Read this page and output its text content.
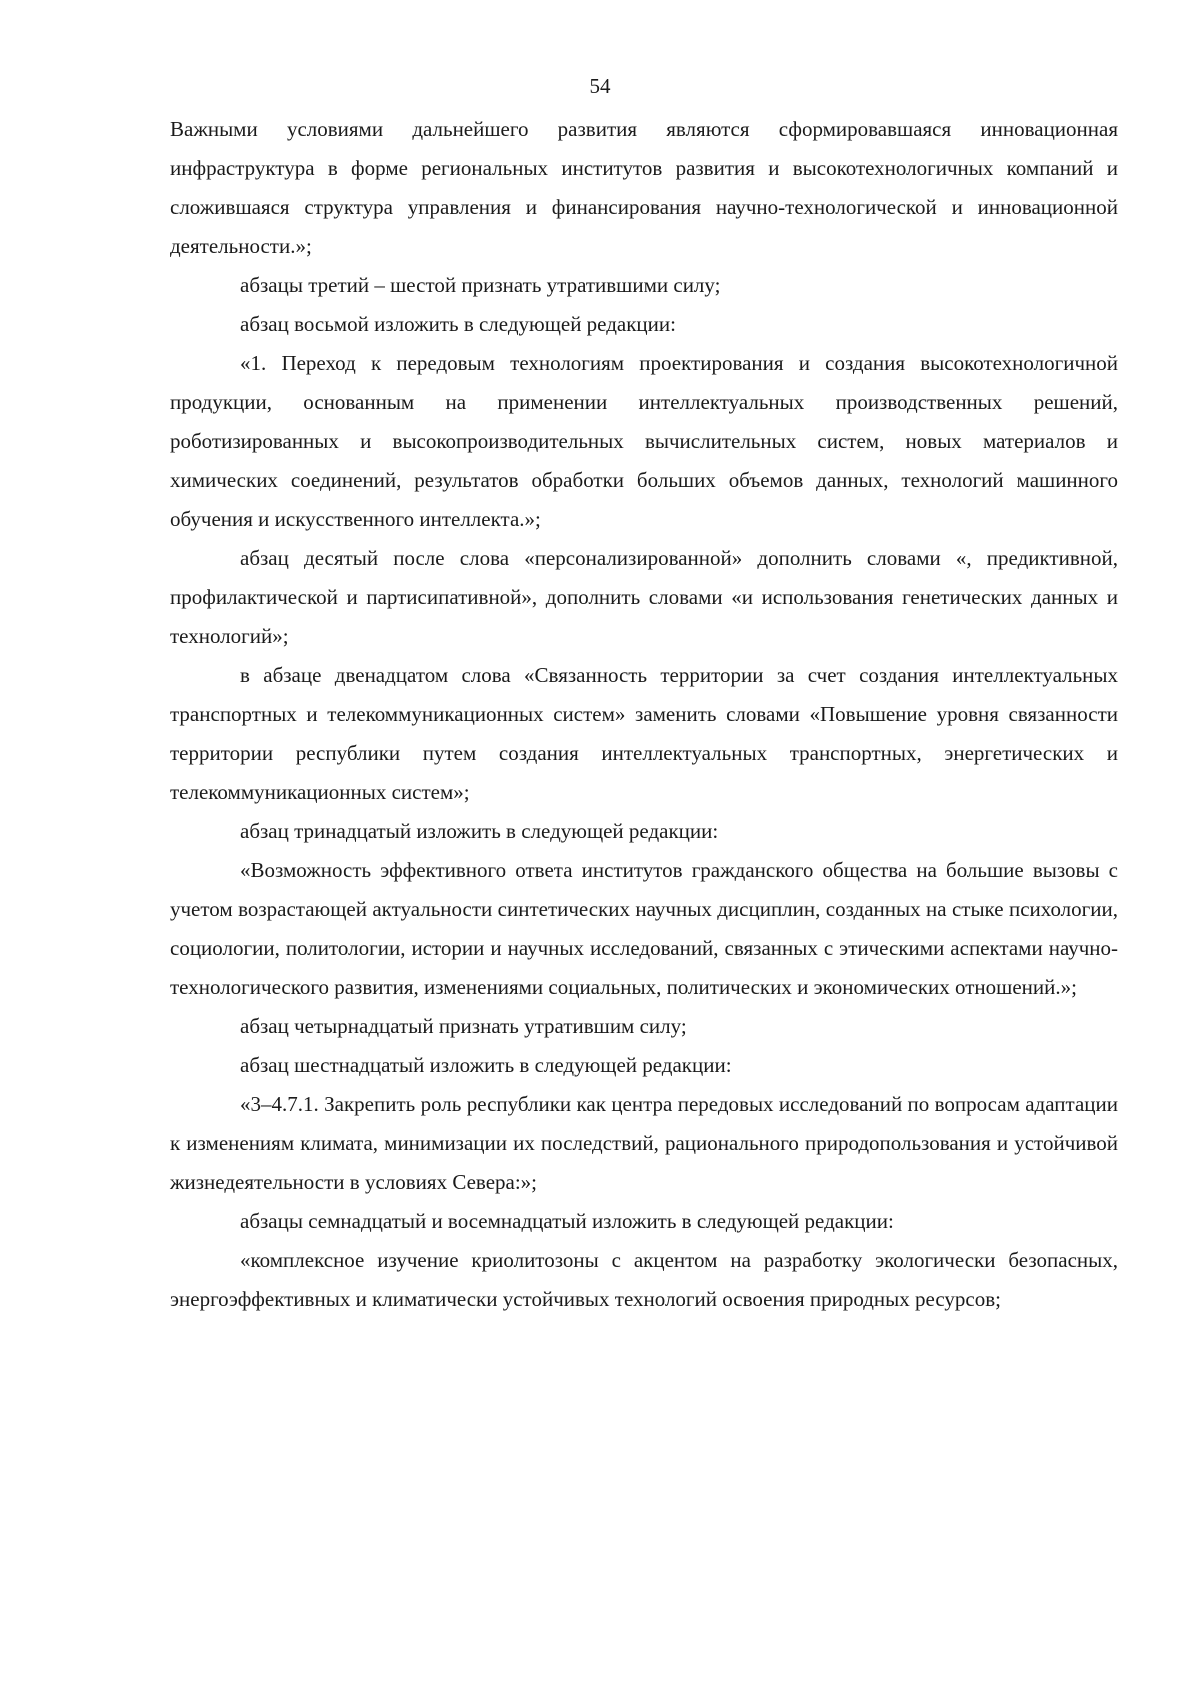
54

Важными условиями дальнейшего развития являются сформировавшаяся инновационная инфраструктура в форме региональных институтов развития и высокотехнологичных компаний и сложившаяся структура управления и финансирования научно-технологической и инновационной деятельности.»;

абзацы третий – шестой признать утратившими силу;

абзац восьмой изложить в следующей редакции:

«1. Переход к передовым технологиям проектирования и создания высокотехнологичной продукции, основанным на применении интеллектуальных производственных решений, роботизированных и высокопроизводительных вычислительных систем, новых материалов и химических соединений, результатов обработки больших объемов данных, технологий машинного обучения и искусственного интеллекта.»;

абзац десятый после слова «персонализированной» дополнить словами «, предиктивной, профилактической и партисипативной», дополнить словами «и использования генетических данных и технологий»;

в абзаце двенадцатом слова «Связанность территории за счет создания интеллектуальных транспортных и телекоммуникационных систем» заменить словами «Повышение уровня связанности территории республики путем создания интеллектуальных транспортных, энергетических и телекоммуникационных систем»;

абзац тринадцатый изложить в следующей редакции:

«Возможность эффективного ответа институтов гражданского общества на большие вызовы с учетом возрастающей актуальности синтетических научных дисциплин, созданных на стыке психологии, социологии, политологии, истории и научных исследований, связанных с этическими аспектами научно-технологического развития, изменениями социальных, политических и экономических отношений.»;

абзац четырнадцатый признать утратившим силу;

абзац шестнадцатый изложить в следующей редакции:

«3–4.7.1. Закрепить роль республики как центра передовых исследований по вопросам адаптации к изменениям климата, минимизации их последствий, рационального природопользования и устойчивой жизнедеятельности в условиях Севера:»;

абзацы семнадцатый и восемнадцатый изложить в следующей редакции:

«комплексное изучение криолитозоны с акцентом на разработку экологически безопасных, энергоэффективных и климатически устойчивых технологий освоения природных ресурсов;
